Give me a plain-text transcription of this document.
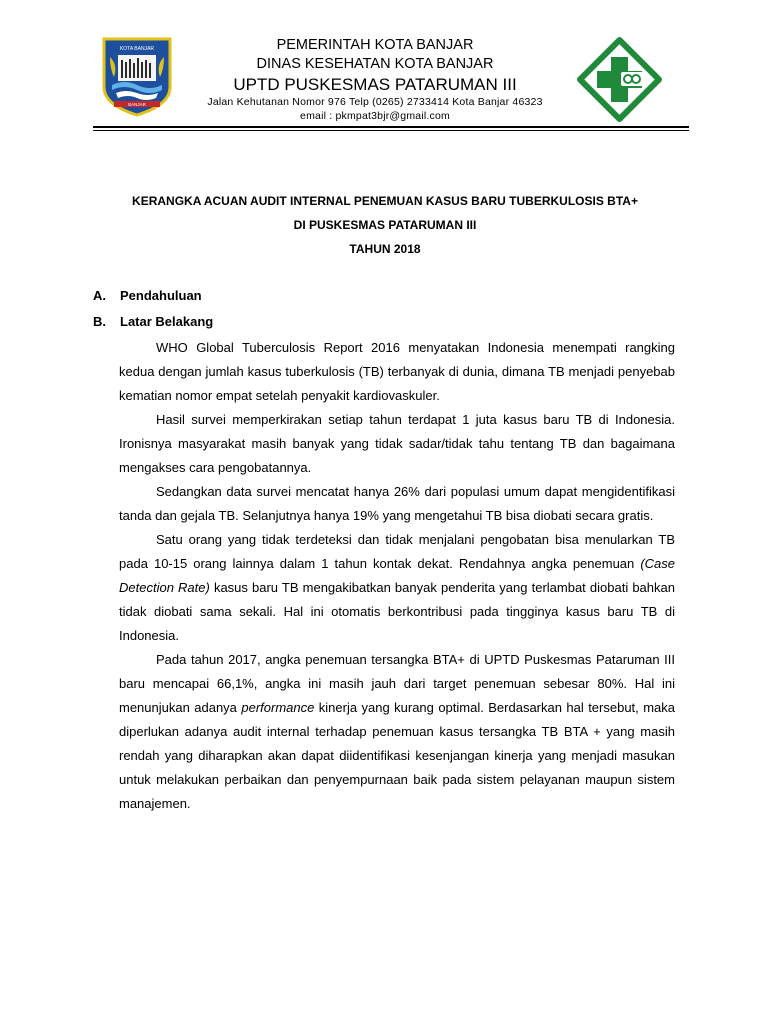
KOTA BANJAR
BANJAR
PEMERINTAH KOTA BANJAR
DINAS KESEHATAN KOTA BANJAR
UPTD PUSKESMAS PATARUMAN III
Jalan Kehutanan Nomor 976 Telp (0265) 2733414 Kota Banjar 46323
email : pkmpat3bjr@gmail.com
KERANGKA ACUAN AUDIT INTERNAL PENEMUAN KASUS BARU TUBERKULOSIS BTA+
DI PUSKESMAS PATARUMAN III
TAHUN 2018
A. Pendahuluan
B. Latar Belakang

WHO Global Tuberculosis Report 2016 menyatakan Indonesia menempati rangking kedua dengan jumlah kasus tuberkulosis (TB) terbanyak di dunia, dimana TB menjadi penyebab kematian nomor empat setelah penyakit kardiovaskuler.

Hasil survei memperkirakan setiap tahun terdapat 1 juta kasus baru TB di Indonesia. Ironisnya masyarakat masih banyak yang tidak sadar/tidak tahu tentang TB dan bagaimana mengakses cara pengobatannya.

Sedangkan data survei mencatat hanya 26% dari populasi umum dapat mengidentifikasi tanda dan gejala TB. Selanjutnya hanya 19% yang mengetahui TB bisa diobati secara gratis.

Satu orang yang tidak terdeteksi dan tidak menjalani pengobatan bisa menularkan TB pada 10-15 orang lainnya dalam 1 tahun kontak dekat. Rendahnya angka penemuan (Case Detection Rate) kasus baru TB mengakibatkan banyak penderita yang terlambat diobati bahkan tidak diobati sama sekali. Hal ini otomatis berkontribusi pada tingginya kasus baru TB di Indonesia.

Pada tahun 2017, angka penemuan tersangka BTA+ di UPTD Puskesmas Pataruman III baru mencapai 66,1%, angka ini masih jauh dari target penemuan sebesar 80%. Hal ini menunjukan adanya performance kinerja yang kurang optimal. Berdasarkan hal tersebut, maka diperlukan adanya audit internal terhadap penemuan kasus tersangka TB BTA + yang masih rendah yang diharapkan akan dapat diidentifikasi kesenjangan kinerja yang menjadi masukan untuk melakukan perbaikan dan penyempurnaan baik pada sistem pelayanan maupun sistem manajemen.
